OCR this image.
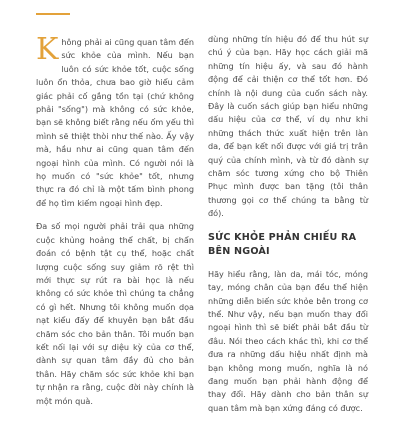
Không phải ai cũng quan tâm đến sức khỏe của mình. Nếu bạn luôn có sức khỏe tốt, cuộc sống luôn ổn thỏa, chưa bao giờ hiểu cảm giác phải cố gắng tồn tại (chứ không phải "sống") mà không có sức khỏe, bạn sẽ không biết rằng nếu ốm yếu thì mình sẽ thiệt thòi như thế nào. Ấy vậy mà, hầu như ai cũng quan tâm đến ngoại hình của mình. Có người nói là họ muốn có "sức khỏe" tốt, nhưng thực ra đó chỉ là một tấm bình phong để họ tìm kiếm ngoại hình đẹp.

Đa số mọi người phải trải qua những cuộc khủng hoảng thể chất, bị chẩn đoán có bệnh tật cụ thể, hoặc chất lượng cuộc sống suy giảm rõ rệt thì mới thực sự rút ra bài học là nếu không có sức khỏe thì chúng ta chẳng có gì hết. Nhưng tôi không muốn dọa nạt kiểu đấy để khuyên bạn bắt đầu chăm sóc cho bản thân. Tôi muốn bạn kết nối lại với sự diệu kỳ của cơ thể, dành sự quan tâm đầy đủ cho bản thân. Hãy chăm sóc sức khỏe khi bạn tự nhận ra rằng, cuộc đời này chính là một món quà.

dùng những tín hiệu đó để thu hút sự chú ý của bạn. Hãy học cách giải mã những tín hiệu ấy, và sau đó hành động để cải thiện cơ thể tốt hơn. Đó chính là nội dung của cuốn sách này. Đây là cuốn sách giúp bạn hiểu những dấu hiệu của cơ thể, ví dụ như khi những thách thức xuất hiện trên làn da, để bạn kết nối được với giá trị trân quý của chính mình, và từ đó dành sự chăm sóc tương xứng cho bộ Thiên Phục mình được ban tặng (tôi thân thương gọi cơ thể chúng ta bằng từ đó).

SỨC KHỎE PHẢN CHIẾU RA BÊN NGOÀI

Hãy hiểu rằng, làn da, mái tóc, móng tay, móng chân của bạn đều thể hiện những diễn biến sức khỏe bên trong cơ thể. Như vậy, nếu bạn muốn thay đổi ngoại hình thì sẽ biết phải bắt đầu từ đâu. Nói theo cách khác thì, khi cơ thể đưa ra những dấu hiệu nhất định mà bạn không mong muốn, nghĩa là nó đang muốn bạn phải hành động để thay đổi. Hãy dành cho bản thân sự quan tâm mà bạn xứng đáng có được.
